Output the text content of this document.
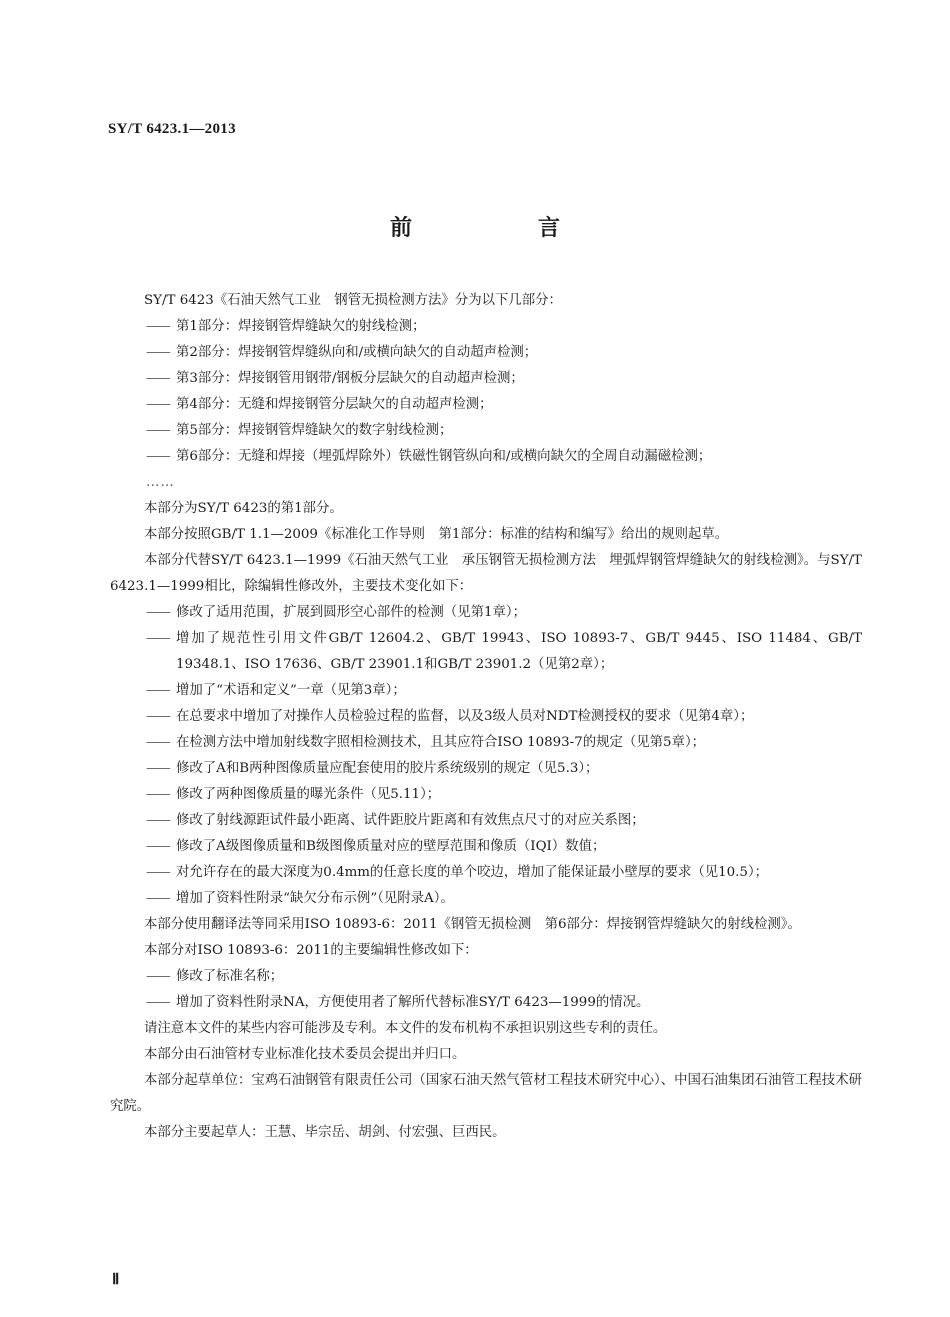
SY/T 6423.1—2013
前　言

SY/T 6423《石油天然气工业　钢管无损检测方法》分为以下几部分：

—— 第1部分：焊接钢管焊缝缺欠的射线检测；

—— 第2部分：焊接钢管焊缝纵向和/或横向缺欠的自动超声检测；

—— 第3部分：焊接钢管用钢带/钢板分层缺欠的自动超声检测；

—— 第4部分：无缝和焊接钢管分层缺欠的自动超声检测；

—— 第5部分：焊接钢管焊缝缺欠的数字射线检测；

—— 第6部分：无缝和焊接（埋弧焊除外）铁磁性钢管纵向和/或横向缺欠的全周自动漏磁检测；

……

本部分为SY/T 6423的第1部分。

本部分按照GB/T 1.1—2009《标准化工作导则　第1部分：标准的结构和编写》给出的规则起草。

本部分代替SY/T 6423.1—1999《石油天然气工业　承压钢管无损检测方法　埋弧焊钢管焊缝缺欠的射线检测》。与SY/T 6423.1—1999相比，除编辑性修改外，主要技术变化如下：

—— 修改了适用范围，扩展到圆形空心部件的检测（见第1章）；

—— 增加了规范性引用文件GB/T 12604.2、GB/T 19943、ISO 10893-7、GB/T 9445、ISO 11484、GB/T 19348.1、ISO 17636、GB/T 23901.1和GB/T 23901.2（见第2章）；

—— 增加了“术语和定义”一章（见第3章）；

—— 在总要求中增加了对操作人员检验过程的监督，以及3级人员对NDT检测授权的要求（见第4章）；

—— 在检测方法中增加射线数字照相检测技术，且其应符合ISO 10893-7的规定（见第5章）；

—— 修改了A和B两种图像质量应配套使用的胶片系统级别的规定（见5.3）；

—— 修改了两种图像质量的曝光条件（见5.11）；

—— 修改了射线源距试件最小距离、试件距胶片距离和有效焦点尺寸的对应关系图；

—— 修改了A级图像质量和B级图像质量对应的壁厚范围和像质（IQI）数值；

—— 对允许存在的最大深度为0.4mm的任意长度的单个咬边，增加了能保证最小壁厚的要求（见10.5）；

—— 增加了资料性附录“缺欠分布示例”（见附录A）。

本部分使用翻译法等同采用ISO 10893-6：2011《钢管无损检测　第6部分：焊接钢管焊缝缺欠的射线检测》。

本部分对ISO 10893-6：2011的主要编辑性修改如下：

—— 修改了标准名称；

—— 增加了资料性附录NA，方便使用者了解所代替标准SY/T 6423—1999的情况。

请注意本文件的某些内容可能涉及专利。本文件的发布机构不承担识别这些专利的责任。

本部分由石油管材专业标准化技术委员会提出并归口。

本部分起草单位：宝鸡石油钢管有限责任公司（国家石油天然气管材工程技术研究中心）、中国石油集团石油管工程技术研究院。

本部分主要起草人：王慧、毕宗岳、胡剑、付宏强、巨西民。

Ⅱ
